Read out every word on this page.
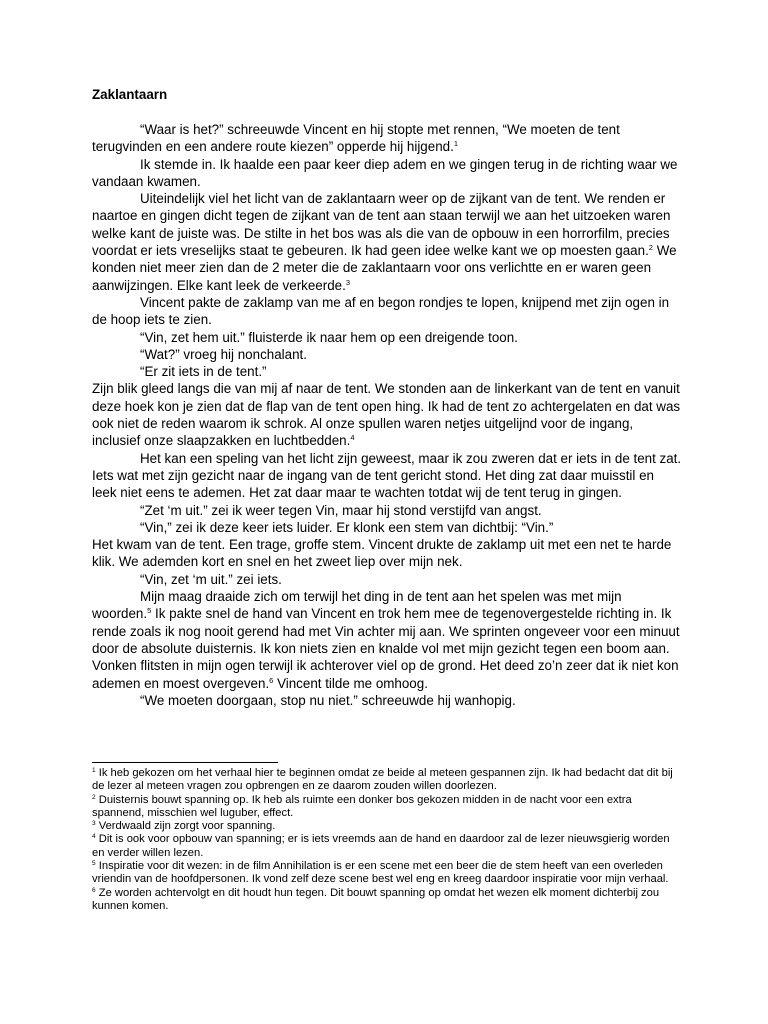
Zaklantaarn

“Waar is het?” schreeuwde Vincent en hij stopte met rennen, “We moeten de tent terugvinden en een andere route kiezen” opperde hij hijgend.$^1$

Ik stemde in. Ik haalde een paar keer diep adem en we gingen terug in de richting waar we vandaan kwamen.

Uiteindelijk viel het licht van de zaklantaarn weer op de zijkant van de tent. We renden er naartoe en gingen dicht tegen de zijkant van de tent aan staan terwijl we aan het uitzoeken waren welke kant de juiste was. De stilte in het bos was als die van de opbouw in een horrorfilm, precies voordat er iets vreselijks staat te gebeuren. Ik had geen idee welke kant we op moesten gaan.$^2$ We konden niet meer zien dan de 2 meter die de zaklantaarn voor ons verlichtte en er waren geen aanwijzingen. Elke kant leek de verkeerde.$^3$

Vincent pakte de zaklamp van me af en begon rondjes te lopen, knijpend met zijn ogen in de hoop iets te zien.

“Vin, zet hem uit.” fluisterde ik naar hem op een dreigende toon.

“Wat?” vroeg hij nonchalant.

“Er zit iets in de tent.”

Zijn blik gleed langs die van mij af naar de tent. We stonden aan de linkerkant van de tent en vanuit deze hoek kon je zien dat de flap van de tent open hing. Ik had de tent zo achtergelaten en dat was ook niet de reden waarom ik schrok. Al onze spullen waren netjes uitgelijnd voor de ingang, inclusief onze slaapzakken en luchtbedden.$^4$

Het kan een speling van het licht zijn geweest, maar ik zou zweren dat er iets in de tent zat. Iets wat met zijn gezicht naar de ingang van de tent gericht stond. Het ding zat daar muisstil en leek niet eens te ademen. Het zat daar maar te wachten totdat wij de tent terug in gingen.

“Zet ‘m uit.” zei ik weer tegen Vin, maar hij stond verstijfd van angst.

“Vin,” zei ik deze keer iets luider. Er klonk een stem van dichtbij: “Vin.”

Het kwam van de tent. Een trage, groffe stem. Vincent drukte de zaklamp uit met een net te harde klik. We ademden kort en snel en het zweet liep over mijn nek.

“Vin, zet ‘m uit.” zei iets.

Mijn maag draaide zich om terwijl het ding in de tent aan het spelen was met mijn woorden.$^5$ Ik pakte snel de hand van Vincent en trok hem mee de tegenovergestelde richting in. Ik rende zoals ik nog nooit gerend had met Vin achter mij aan. We sprinten ongeveer voor een minuut door de absolute duisternis. Ik kon niets zien en knalde vol met mijn gezicht tegen een boom aan. Vonken flitsten in mijn ogen terwijl ik achterover viel op de grond. Het deed zo’n zeer dat ik niet kon ademen en moest overgeven.$^6$ Vincent tilde me omhoog.

“We moeten doorgaan, stop nu niet.” schreeuwde hij wanhopig.

$^1$ Ik heb gekozen om het verhaal hier te beginnen omdat ze beide al meteen gespannen zijn. Ik had bedacht dat dit bij de lezer al meteen vragen zou opbrengen en ze daarom zouden willen doorlezen.

$^2$ Duisternis bouwt spanning op. Ik heb als ruimte een donker bos gekozen midden in de nacht voor een extra spannend, misschien wel luguber, effect.

$^3$ Verdwaald zijn zorgt voor spanning.

$^4$ Dit is ook voor opbouw van spanning; er is iets vreemds aan de hand en daardoor zal de lezer nieuwsgierig worden en verder willen lezen.

$^5$ Inspiratie voor dit wezen: in de film Annihilation is er een scene met een beer die de stem heeft van een overleden vriendin van de hoofdpersonen. Ik vond zelf deze scene best wel eng en kreeg daardoor inspiratie voor mijn verhaal.

$^6$ Ze worden achtervolgt en dit houdt hun tegen. Dit bouwt spanning op omdat het wezen elk moment dichterbij zou kunnen komen.
